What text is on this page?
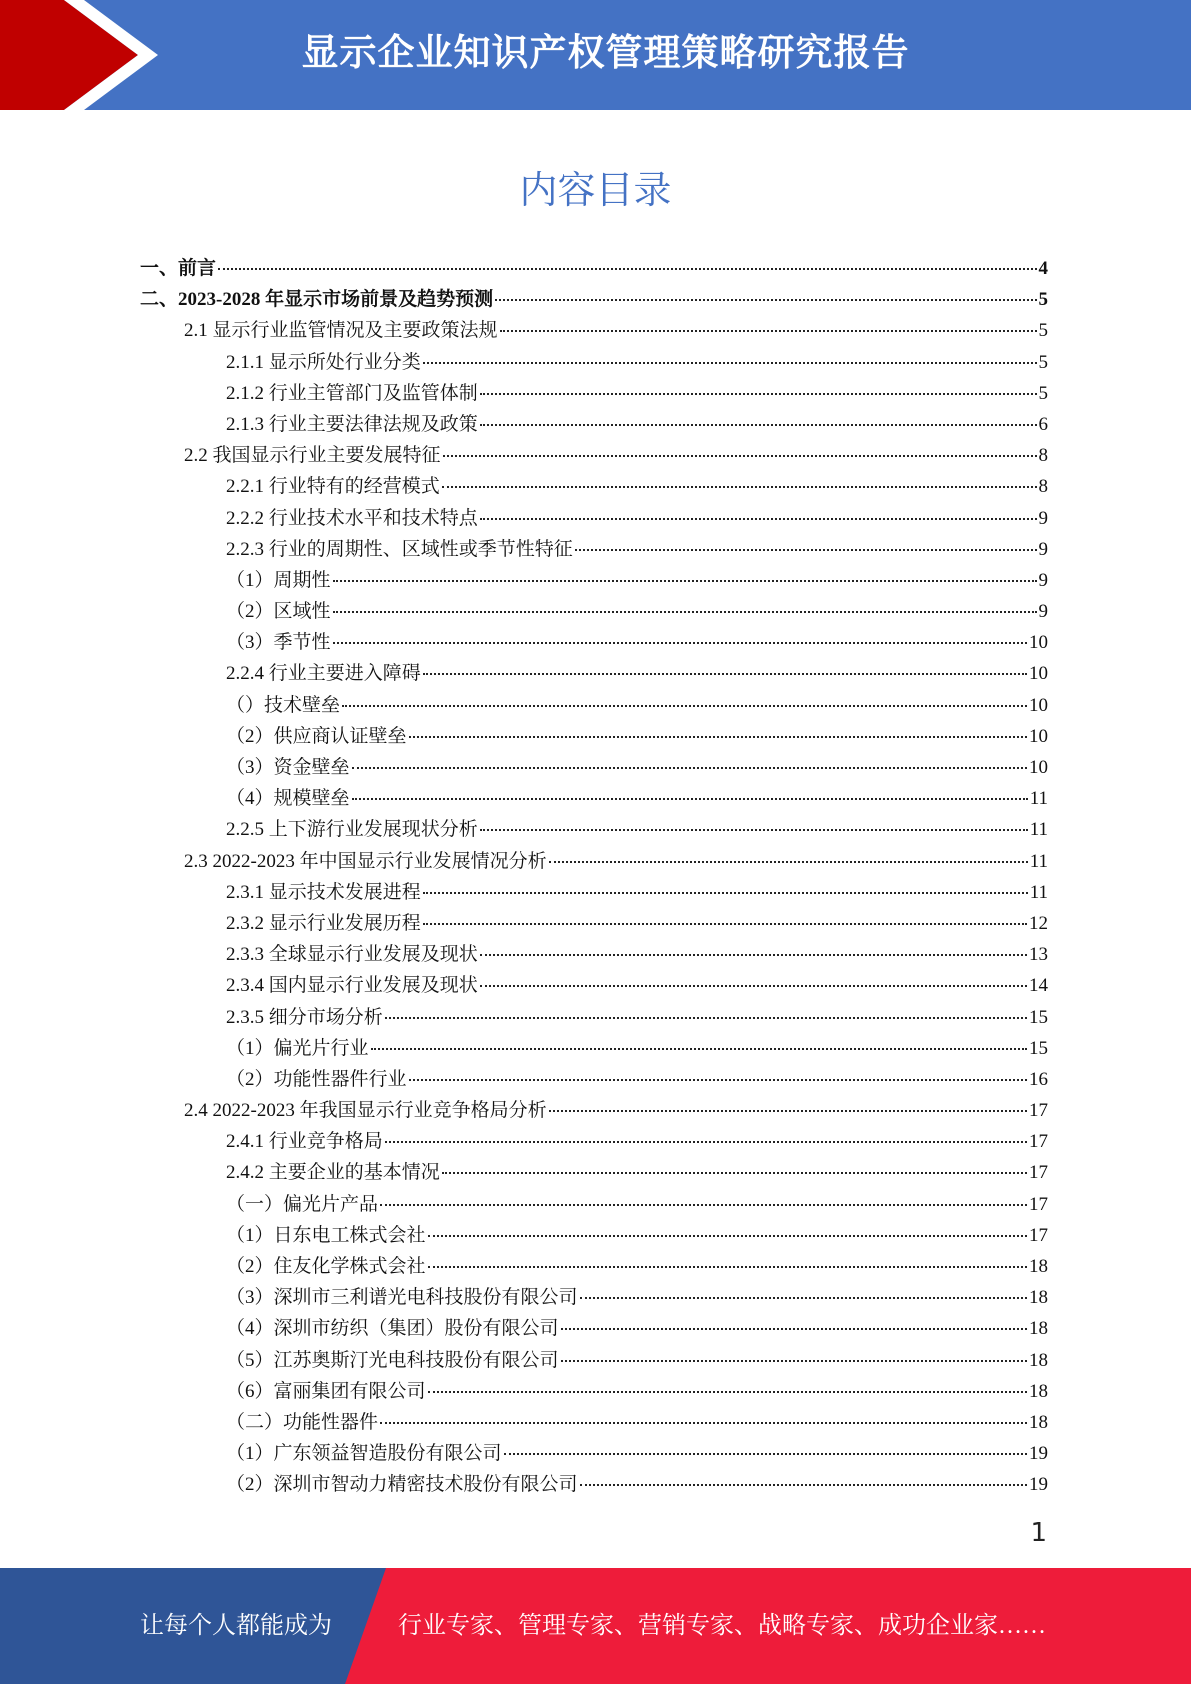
显示企业知识产权管理策略研究报告
内容目录
一、前言	4
二、2023-2028 年显示市场前景及趋势预测	5
2.1 显示行业监管情况及主要政策法规	5
2.1.1 显示所处行业分类	5
2.1.2 行业主管部门及监管体制	5
2.1.3 行业主要法律法规及政策	6
2.2 我国显示行业主要发展特征	8
2.2.1 行业特有的经营模式	8
2.2.2 行业技术水平和技术特点	9
2.2.3 行业的周期性、区域性或季节性特征	9
（1）周期性	9
（2）区域性	9
（3）季节性	10
2.2.4 行业主要进入障碍	10
（）技术壁垒	10
（2）供应商认证壁垒	10
（3）资金壁垒	10
（4）规模壁垒	11
2.2.5 上下游行业发展现状分析	11
2.3 2022-2023 年中国显示行业发展情况分析	11
2.3.1 显示技术发展进程	11
2.3.2 显示行业发展历程	12
2.3.3 全球显示行业发展及现状	13
2.3.4 国内显示行业发展及现状	14
2.3.5 细分市场分析	15
（1）偏光片行业	15
（2）功能性器件行业	16
2.4 2022-2023 年我国显示行业竞争格局分析	17
2.4.1 行业竞争格局	17
2.4.2 主要企业的基本情况	17
（一）偏光片产品	17
（1）日东电工株式会社	17
（2）住友化学株式会社	18
（3）深圳市三利谱光电科技股份有限公司	18
（4）深圳市纺织（集团）股份有限公司	18
（5）江苏奥斯汀光电科技股份有限公司	18
（6）富丽集团有限公司	18
（二）功能性器件	18
（1）广东领益智造股份有限公司	19
（2）深圳市智动力精密技术股份有限公司	19
1
让每个人都能成为	行业专家、管理专家、营销专家、战略专家、成功企业家……
